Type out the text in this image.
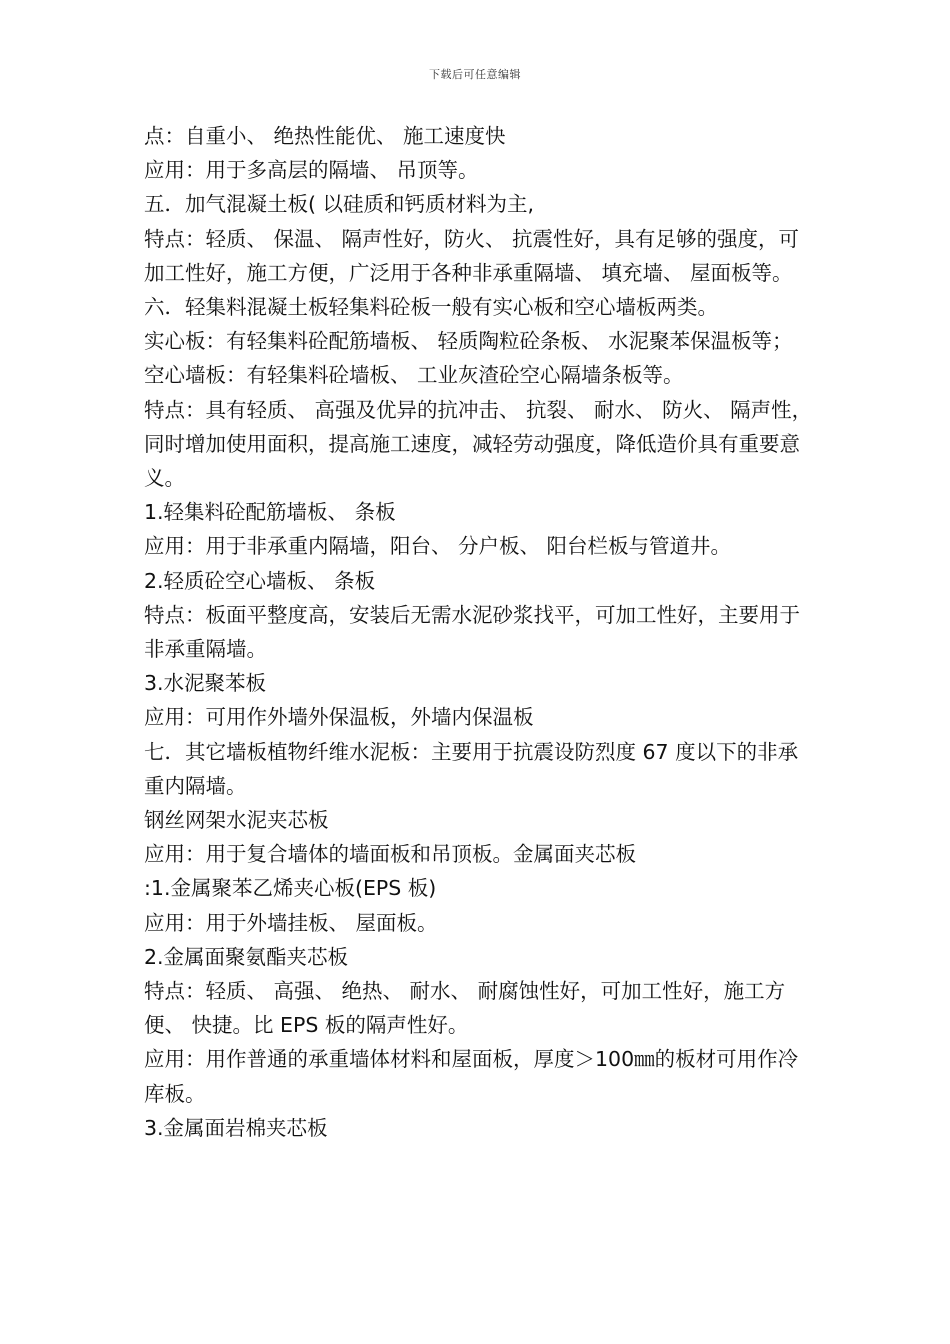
下载后可任意编辑

点：自重小、 绝热性能优、 施工速度快

应用：用于多高层的隔墙、 吊顶等。

五．加气混凝土板( 以硅质和钙质材料为主,

特点：轻质、 保温、 隔声性好，防火、 抗震性好，具有足够的强度，可加工性好，施工方便，广泛用于各种非承重隔墙、 填充墙、 屋面板等。

六．轻集料混凝土板轻集料砼板一般有实心板和空心墙板两类。

实心板：有轻集料砼配筋墙板、 轻质陶粒砼条板、 水泥聚苯保温板等；

空心墙板：有轻集料砼墙板、 工业灰渣砼空心隔墙条板等。

特点：具有轻质、 高强及优异的抗冲击、 抗裂、 耐水、 防火、 隔声性，同时增加使用面积，提高施工速度，减轻劳动强度，降低造价具有重要意义。

1.轻集料砼配筋墙板、 条板

应用：用于非承重内隔墙，阳台、 分户板、 阳台栏板与管道井。

2.轻质砼空心墙板、 条板

特点：板面平整度高，安装后无需水泥砂浆找平，可加工性好，主要用于非承重隔墙。

3.水泥聚苯板

应用：可用作外墙外保温板，外墙内保温板

七．其它墙板植物纤维水泥板：主要用于抗震设防烈度 67 度以下的非承重内隔墙。

钢丝网架水泥夹芯板

应用：用于复合墙体的墙面板和吊顶板。金属面夹芯板

:1.金属聚苯乙烯夹心板(EPS 板)

应用：用于外墙挂板、 屋面板。

2.金属面聚氨酯夹芯板

特点：轻质、 高强、 绝热、 耐水、 耐腐蚀性好，可加工性好，施工方便、 快捷。比 EPS 板的隔声性好。

应用：用作普通的承重墙体材料和屋面板，厚度＞100㎜的板材可用作冷库板。

3.金属面岩棉夹芯板
